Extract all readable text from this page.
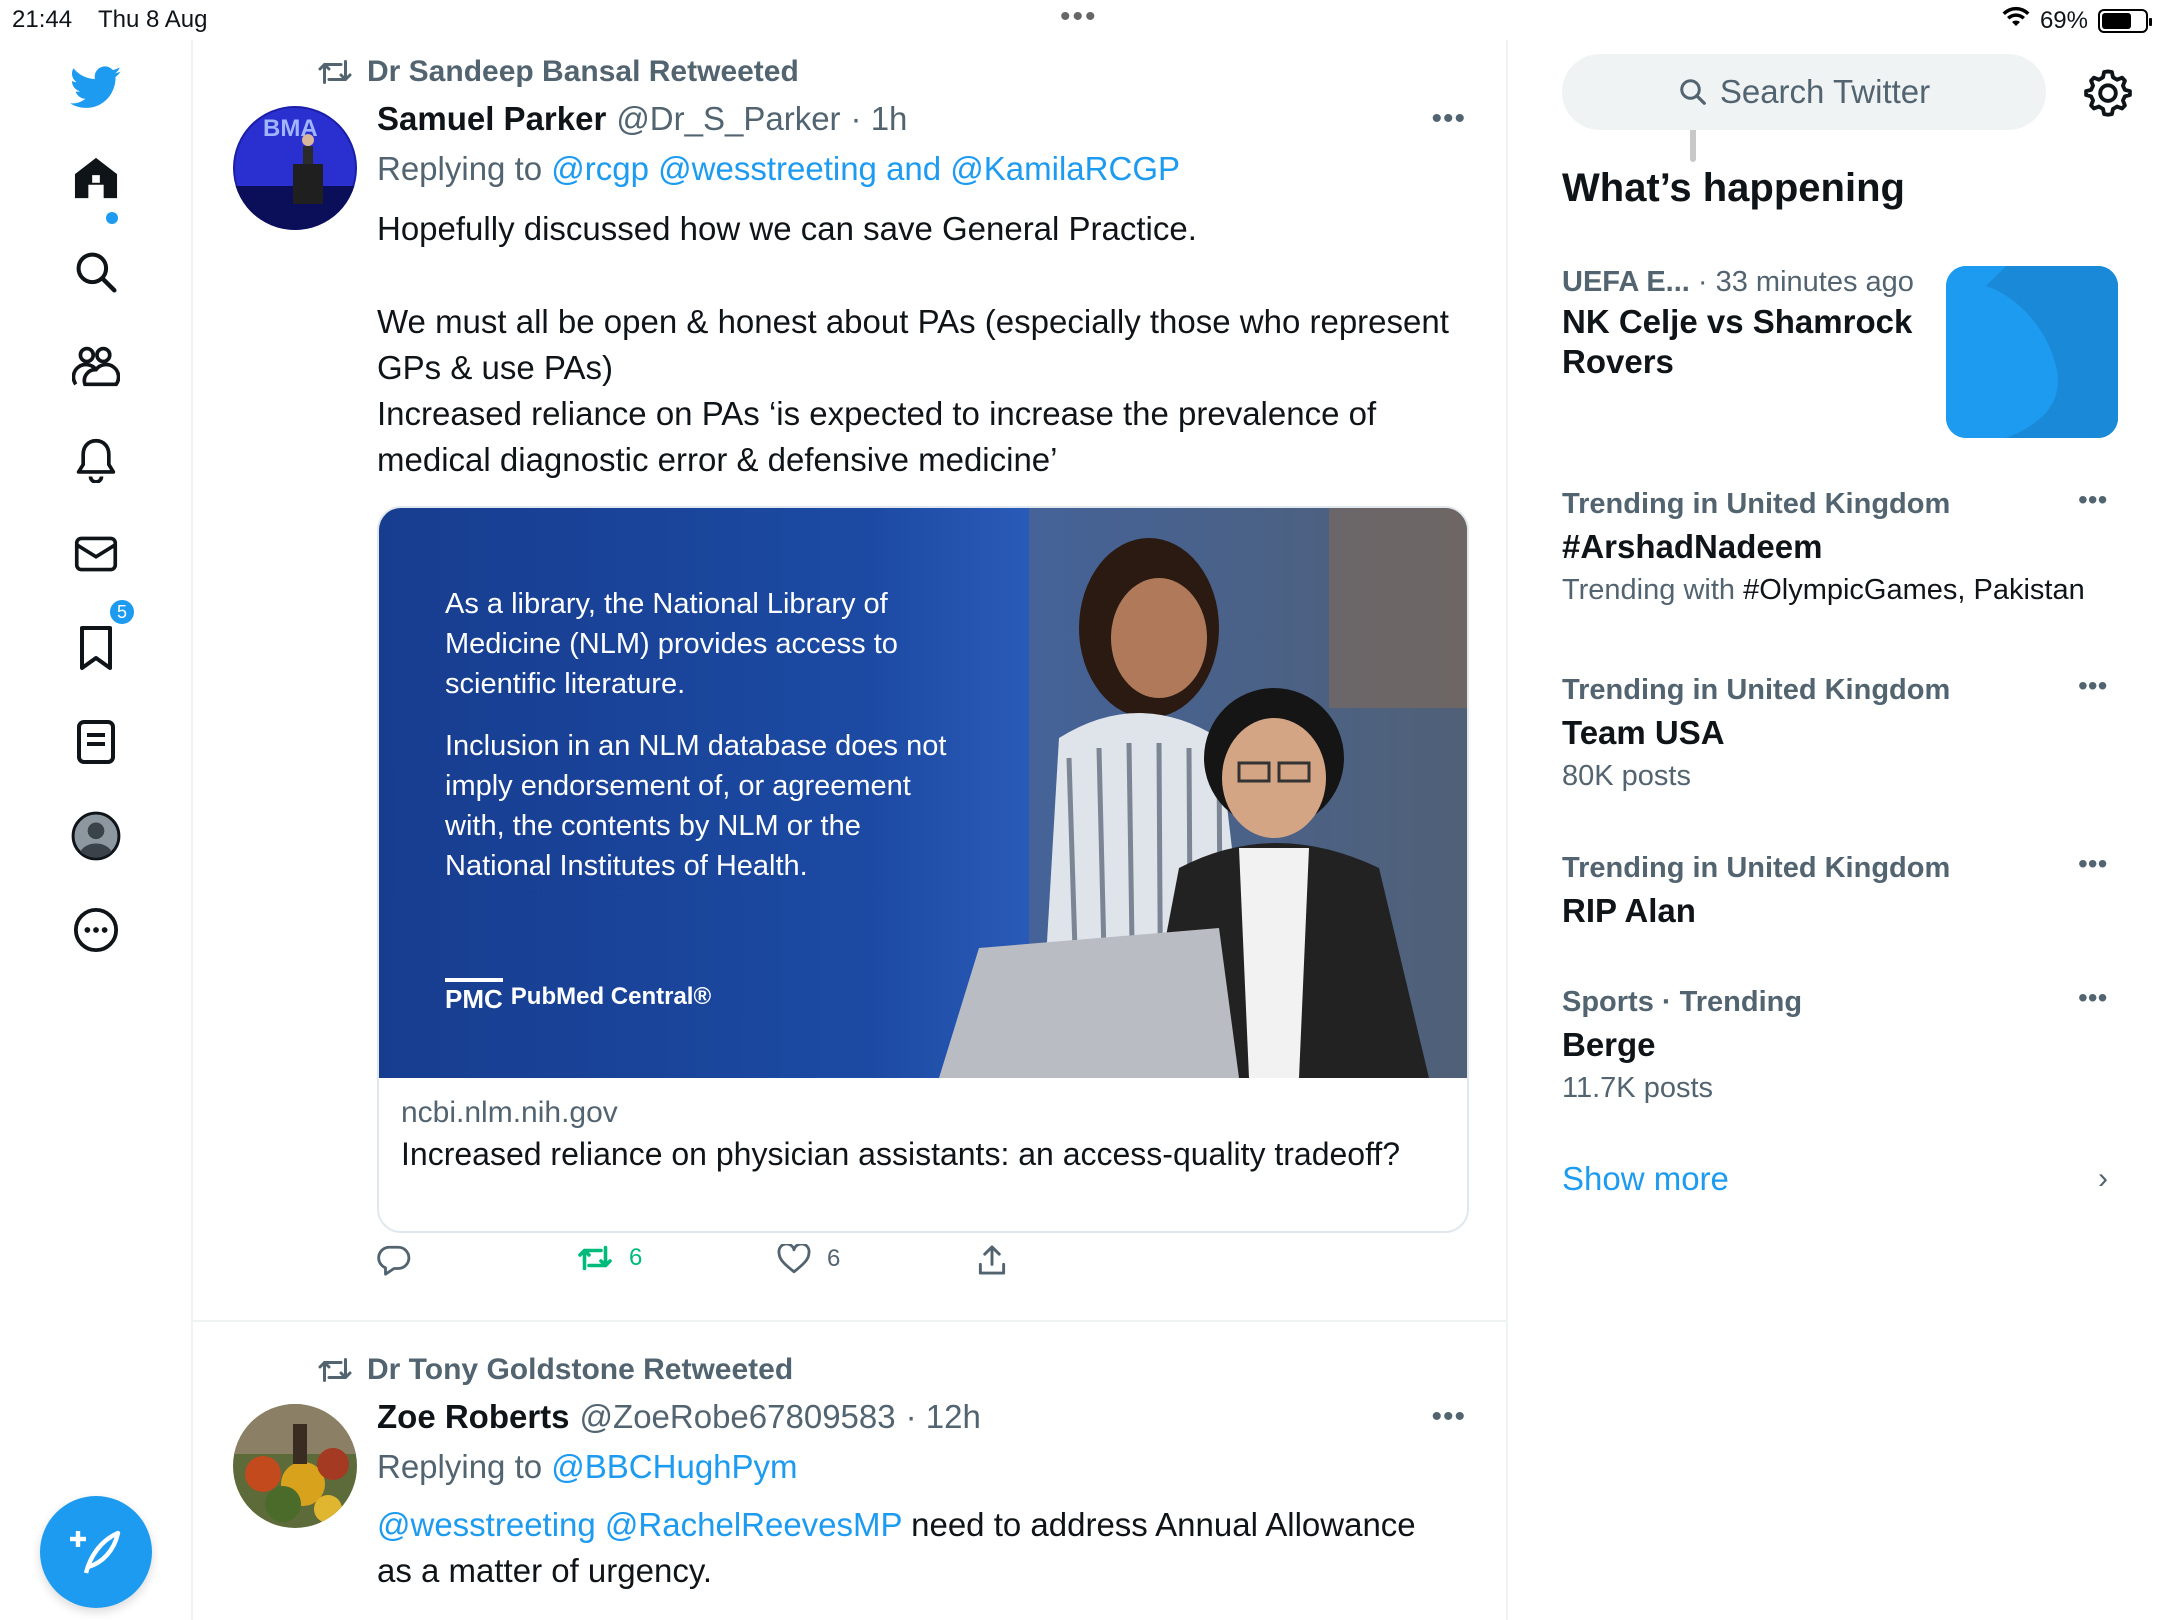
21:44 Thu 8 Aug	•••	69%
5
Dr Sandeep Bansal Retweeted
BMA Samuel Parker @Dr_S_Parker · 1h	•••
Replying to @rcgp @wesstreeting and @KamilaRCGP

Hopefully discussed how we can save General Practice.

We must all be open & honest about PAs (especially those who represent GPs & use PAs)

Increased reliance on PAs ‘is expected to increase the prevalence of medical diagnostic error & defensive medicine’

As a library, the National Library of Medicine (NLM) provides access to scientific literature.

Inclusion in an NLM database does not imply endorsement of, or agreement with, the contents by NLM or the National Institutes of Health.

PMC PubMed Central®
ncbi.nlm.nih.gov
Increased reliance on physician assistants: an access-quality tradeoff?
6	6
Dr Tony Goldstone Retweeted
Zoe Roberts @ZoeRobe67809583 · 12h	•••
Replying to @BBCHughPym
@wesstreeting @RachelReevesMP need to address Annual Allowance as a matter of urgency.
Search Twitter
What’s happening
UEFA E... · 33 minutes ago
NK Celje vs Shamrock Rovers
Trending in United Kingdom
#ArshadNadeem
Trending with #OlympicGames, Pakistan
•••
Trending in United Kingdom
Team USA
80K posts
•••
Trending in United Kingdom
RIP Alan
•••
Sports · Trending
Berge
11.7K posts
•••
Show more	›
